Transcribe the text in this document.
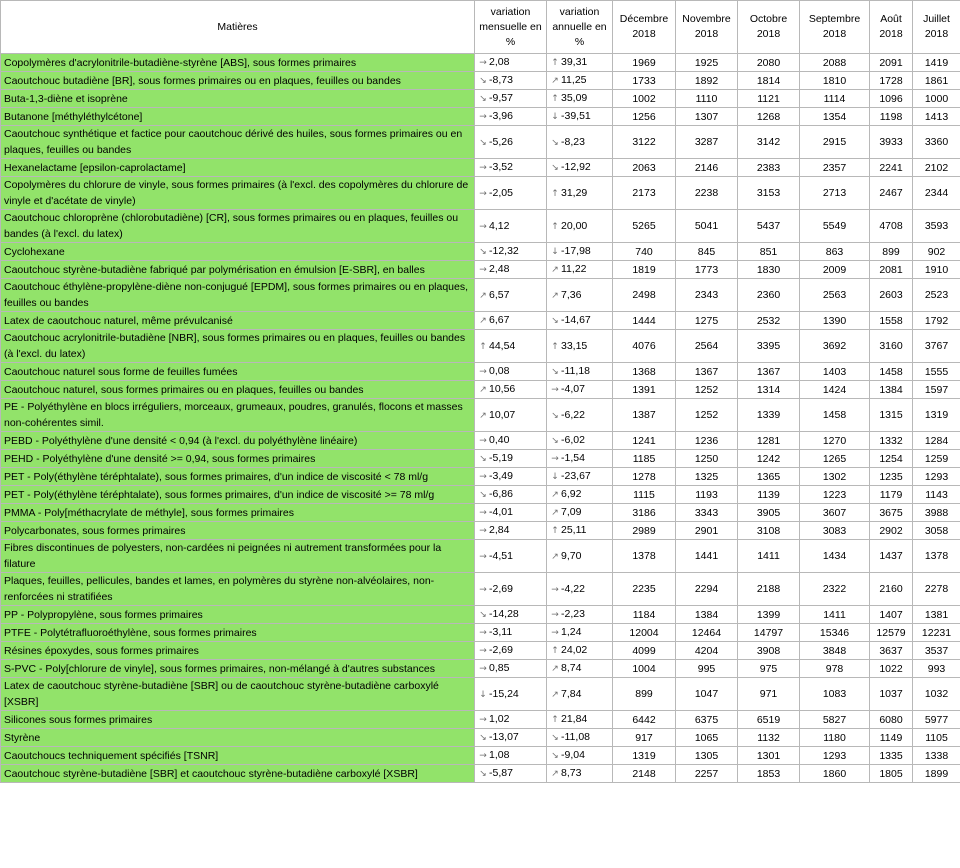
Matières	variation mensuelle en %	variation annuelle en %	Décembre 2018	Novembre 2018	Octobre 2018	Septembre 2018	Août 2018	Juillet 2018
Copolymères d'acrylonitrile-butadiène-styrène [ABS], sous formes primaires	→ 2,08	↑ 39,31	1969	1925	2080	2088	2091	1419
Caoutchouc butadiène [BR], sous formes primaires ou en plaques, feuilles ou bandes	↘ -8,73	↗ 11,25	1733	1892	1814	1810	1728	1861
Buta-1,3-diène et isoprène	↘ -9,57	↑ 35,09	1002	1110	1121	1114	1096	1000
Butanone [méthyléthylcétone]	→ -3,96	↓ -39,51	1256	1307	1268	1354	1198	1413
Caoutchouc synthétique et factice pour caoutchouc dérivé des huiles, sous formes primaires ou en plaques, feuilles ou bandes	↘ -5,26	↘ -8,23	3122	3287	3142	2915	3933	3360
Hexanelactame [epsilon-caprolactame]	→ -3,52	↘ -12,92	2063	2146	2383	2357	2241	2102
Copolymères du chlorure de vinyle, sous formes primaires (à l'excl. des copolymères du chlorure de vinyle et d'acétate de vinyle)	→ -2,05	↑ 31,29	2173	2238	3153	2713	2467	2344
Caoutchouc chloroprène (chlorobutadiène) [CR], sous formes primaires ou en plaques, feuilles ou bandes (à l'excl. du latex)	→ 4,12	↑ 20,00	5265	5041	5437	5549	4708	3593
Cyclohexane	↘ -12,32	↓ -17,98	740	845	851	863	899	902
Caoutchouc styrène-butadiène fabriqué par polymérisation en émulsion [E-SBR], en balles	→ 2,48	↗ 11,22	1819	1773	1830	2009	2081	1910
Caoutchouc éthylène-propylène-diène non-conjugué [EPDM], sous formes primaires ou en plaques, feuilles ou bandes	↗ 6,57	↗ 7,36	2498	2343	2360	2563	2603	2523
Latex de caoutchouc naturel, même prévulcanisé	↗ 6,67	↘ -14,67	1444	1275	2532	1390	1558	1792
Caoutchouc acrylonitrile-butadiène [NBR], sous formes primaires ou en plaques, feuilles ou bandes (à l'excl. du latex)	↑ 44,54	↑ 33,15	4076	2564	3395	3692	3160	3767
Caoutchouc naturel sous forme de feuilles fumées	→ 0,08	↘ -11,18	1368	1367	1367	1403	1458	1555
Caoutchouc naturel, sous formes primaires ou en plaques, feuilles ou bandes	↗ 10,56	→ -4,07	1391	1252	1314	1424	1384	1597
PE - Polyéthylène en blocs irréguliers, morceaux, grumeaux, poudres, granulés, flocons et masses non-cohérentes simil.	↗ 10,07	↘ -6,22	1387	1252	1339	1458	1315	1319
PEBD - Polyéthylène d'une densité < 0,94 (à l'excl. du polyéthylène linéaire)	→ 0,40	↘ -6,02	1241	1236	1281	1270	1332	1284
PEHD - Polyéthylène d'une densité >= 0,94, sous formes primaires	↘ -5,19	→ -1,54	1185	1250	1242	1265	1254	1259
PET - Poly(éthylène téréphtalate), sous formes primaires, d'un indice de viscosité < 78 ml/g	→ -3,49	↓ -23,67	1278	1325	1365	1302	1235	1293
PET - Poly(éthylène téréphtalate), sous formes primaires, d'un indice de viscosité >= 78 ml/g	↘ -6,86	↗ 6,92	1115	1193	1139	1223	1179	1143
PMMA - Poly[méthacrylate de méthyle], sous formes primaires	→ -4,01	↗ 7,09	3186	3343	3905	3607	3675	3988
Polycarbonates, sous formes primaires	→ 2,84	↑ 25,11	2989	2901	3108	3083	2902	3058
Fibres discontinues de polyesters, non-cardées ni peignées ni autrement transformées pour la filature	→ -4,51	↗ 9,70	1378	1441	1411	1434	1437	1378
Plaques, feuilles, pellicules, bandes et lames, en polymères du styrène non-alvéolaires, non-renforcées ni stratifiées	→ -2,69	→ -4,22	2235	2294	2188	2322	2160	2278
PP - Polypropylène, sous formes primaires	↘ -14,28	→ -2,23	1184	1384	1399	1411	1407	1381
PTFE - Polytétrafluoroéthylène, sous formes primaires	→ -3,11	→ 1,24	12004	12464	14797	15346	12579	12231
Résines époxydes, sous formes primaires	→ -2,69	↑ 24,02	4099	4204	3908	3848	3637	3537
S-PVC - Poly[chlorure de vinyle], sous formes primaires, non-mélangé à d'autres substances	→ 0,85	↗ 8,74	1004	995	975	978	1022	993
Latex de caoutchouc styrène-butadiène [SBR] ou de caoutchouc styrène-butadiène carboxylé [XSBR]	↓ -15,24	↗ 7,84	899	1047	971	1083	1037	1032
Silicones sous formes primaires	→ 1,02	↑ 21,84	6442	6375	6519	5827	6080	5977
Styrène	↘ -13,07	↘ -11,08	917	1065	1132	1180	1149	1105
Caoutchoucs techniquement spécifiés [TSNR]	→ 1,08	↘ -9,04	1319	1305	1301	1293	1335	1338
Caoutchouc styrène-butadiène [SBR] et caoutchouc styrène-butadiène carboxylé [XSBR]	↘ -5,87	↗ 8,73	2148	2257	1853	1860	1805	1899
